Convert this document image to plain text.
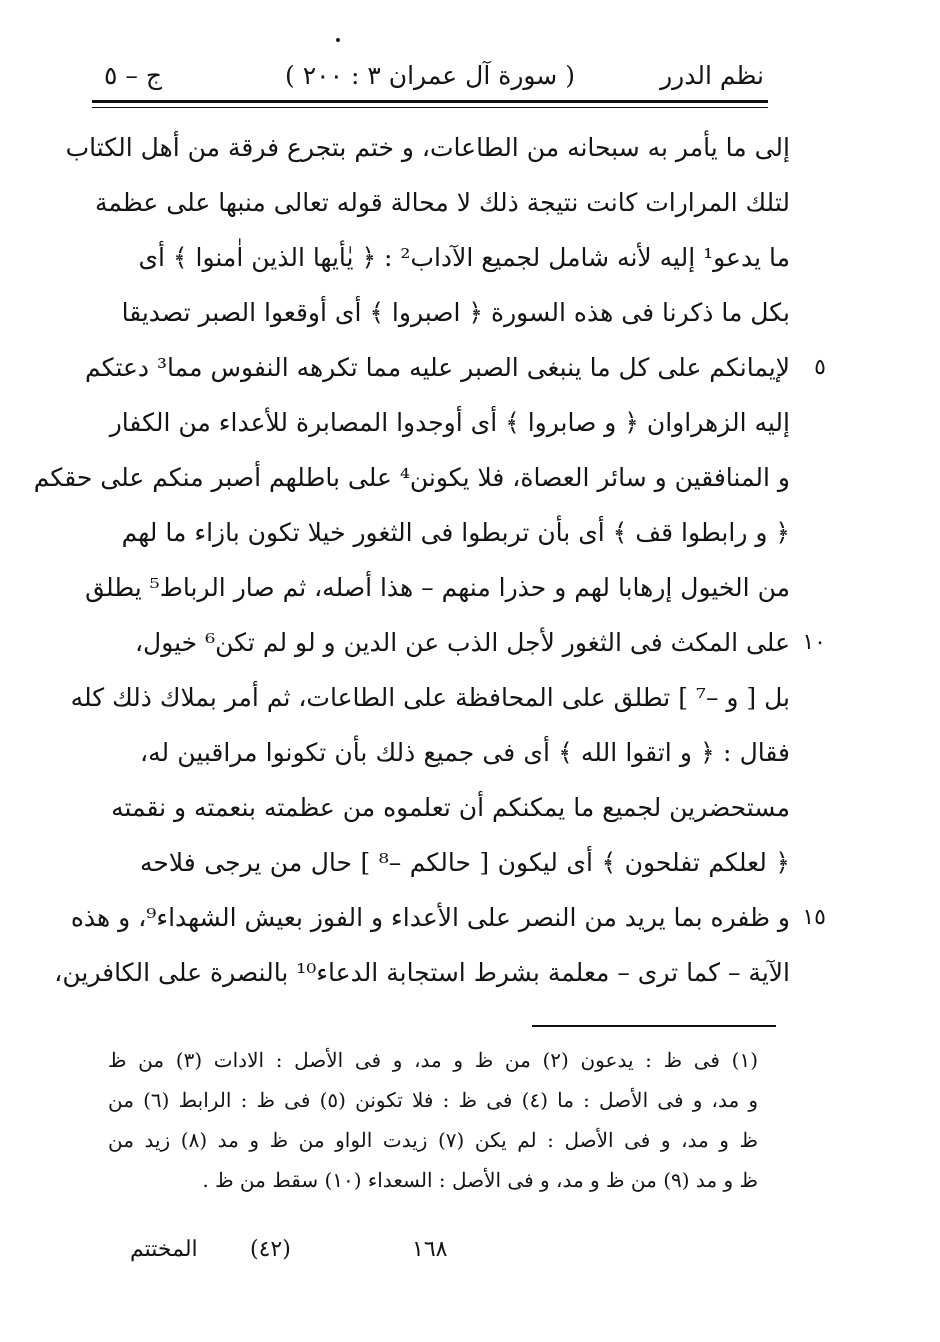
نظم الدرر
( سورة آل عمران ٣ : ٢٠٠ )
ج – ٥
إلى ما يأمر به سبحانه من الطاعات، و ختم بتجرع فرقة من أهل الكتاب
لتلك المرارات كانت نتيجة ذلك لا محالة قوله تعالى منبها على عظمة
ما يدعو¹ إليه لأنه شامل لجميع الآداب² : ﴿ يٰأيها الذين اٰمنوا ﴾ أى
بكل ما ذكرنا فى هذه السورة ﴿ اصبروا ﴾ أى أوقعوا الصبر تصديقا
٥
لإيمانكم على كل ما ينبغى الصبر عليه مما تكرهه النفوس مما³ دعتكم
إليه الزهراوان ﴿ و صابروا ﴾ أى أوجدوا المصابرة للأعداء من الكفار
و المنافقين و سائر العصاة، فلا يكونن⁴ على باطلهم أصبر منكم على حقكم
﴿ و رابطوا قف ﴾ أى بأن تربطوا فى الثغور خيلا تكون بازاء ما لهم
من الخيول إرهابا لهم و حذرا منهم – هذا أصله، ثم صار الرباط⁵ يطلق
١٠
على المكث فى الثغور لأجل الذب عن الدين و لو لم تكن⁶ خيول،
بل [ و –⁷ ] تطلق على المحافظة على الطاعات، ثم أمر بملاك ذلك كله
فقال : ﴿ و اتقوا الله ﴾ أى فى جميع ذلك بأن تكونوا مراقبين له،
مستحضرين لجميع ما يمكنكم أن تعلموه من عظمته بنعمته و نقمته
﴿ لعلكم تفلحون ﴾ أى ليكون [ حالكم –⁸ ] حال من يرجى فلاحه
١٥
و ظفره بما يريد من النصر على الأعداء و الفوز بعيش الشهداء⁹، و هذه
الآية – كما ترى – معلمة بشرط استجابة الدعاء¹⁰ بالنصرة على الكافرين،
(١) فى ظ : يدعون (٢) من ظ و مد، و فى الأصل : الادات (٣) من ظ
و مد، و فى الأصل : ما (٤) فى ظ : فلا تكونن (٥) فى ظ : الرابط (٦) من
ظ و مد، و فى الأصل : لم يكن (٧) زيدت الواو من ظ و مد (٨) زيد من
ظ و مد (٩) من ظ و مد، و فى الأصل : السعداء (١٠) سقط من ظ .
١٦٨
(٤٢)
المختتم
